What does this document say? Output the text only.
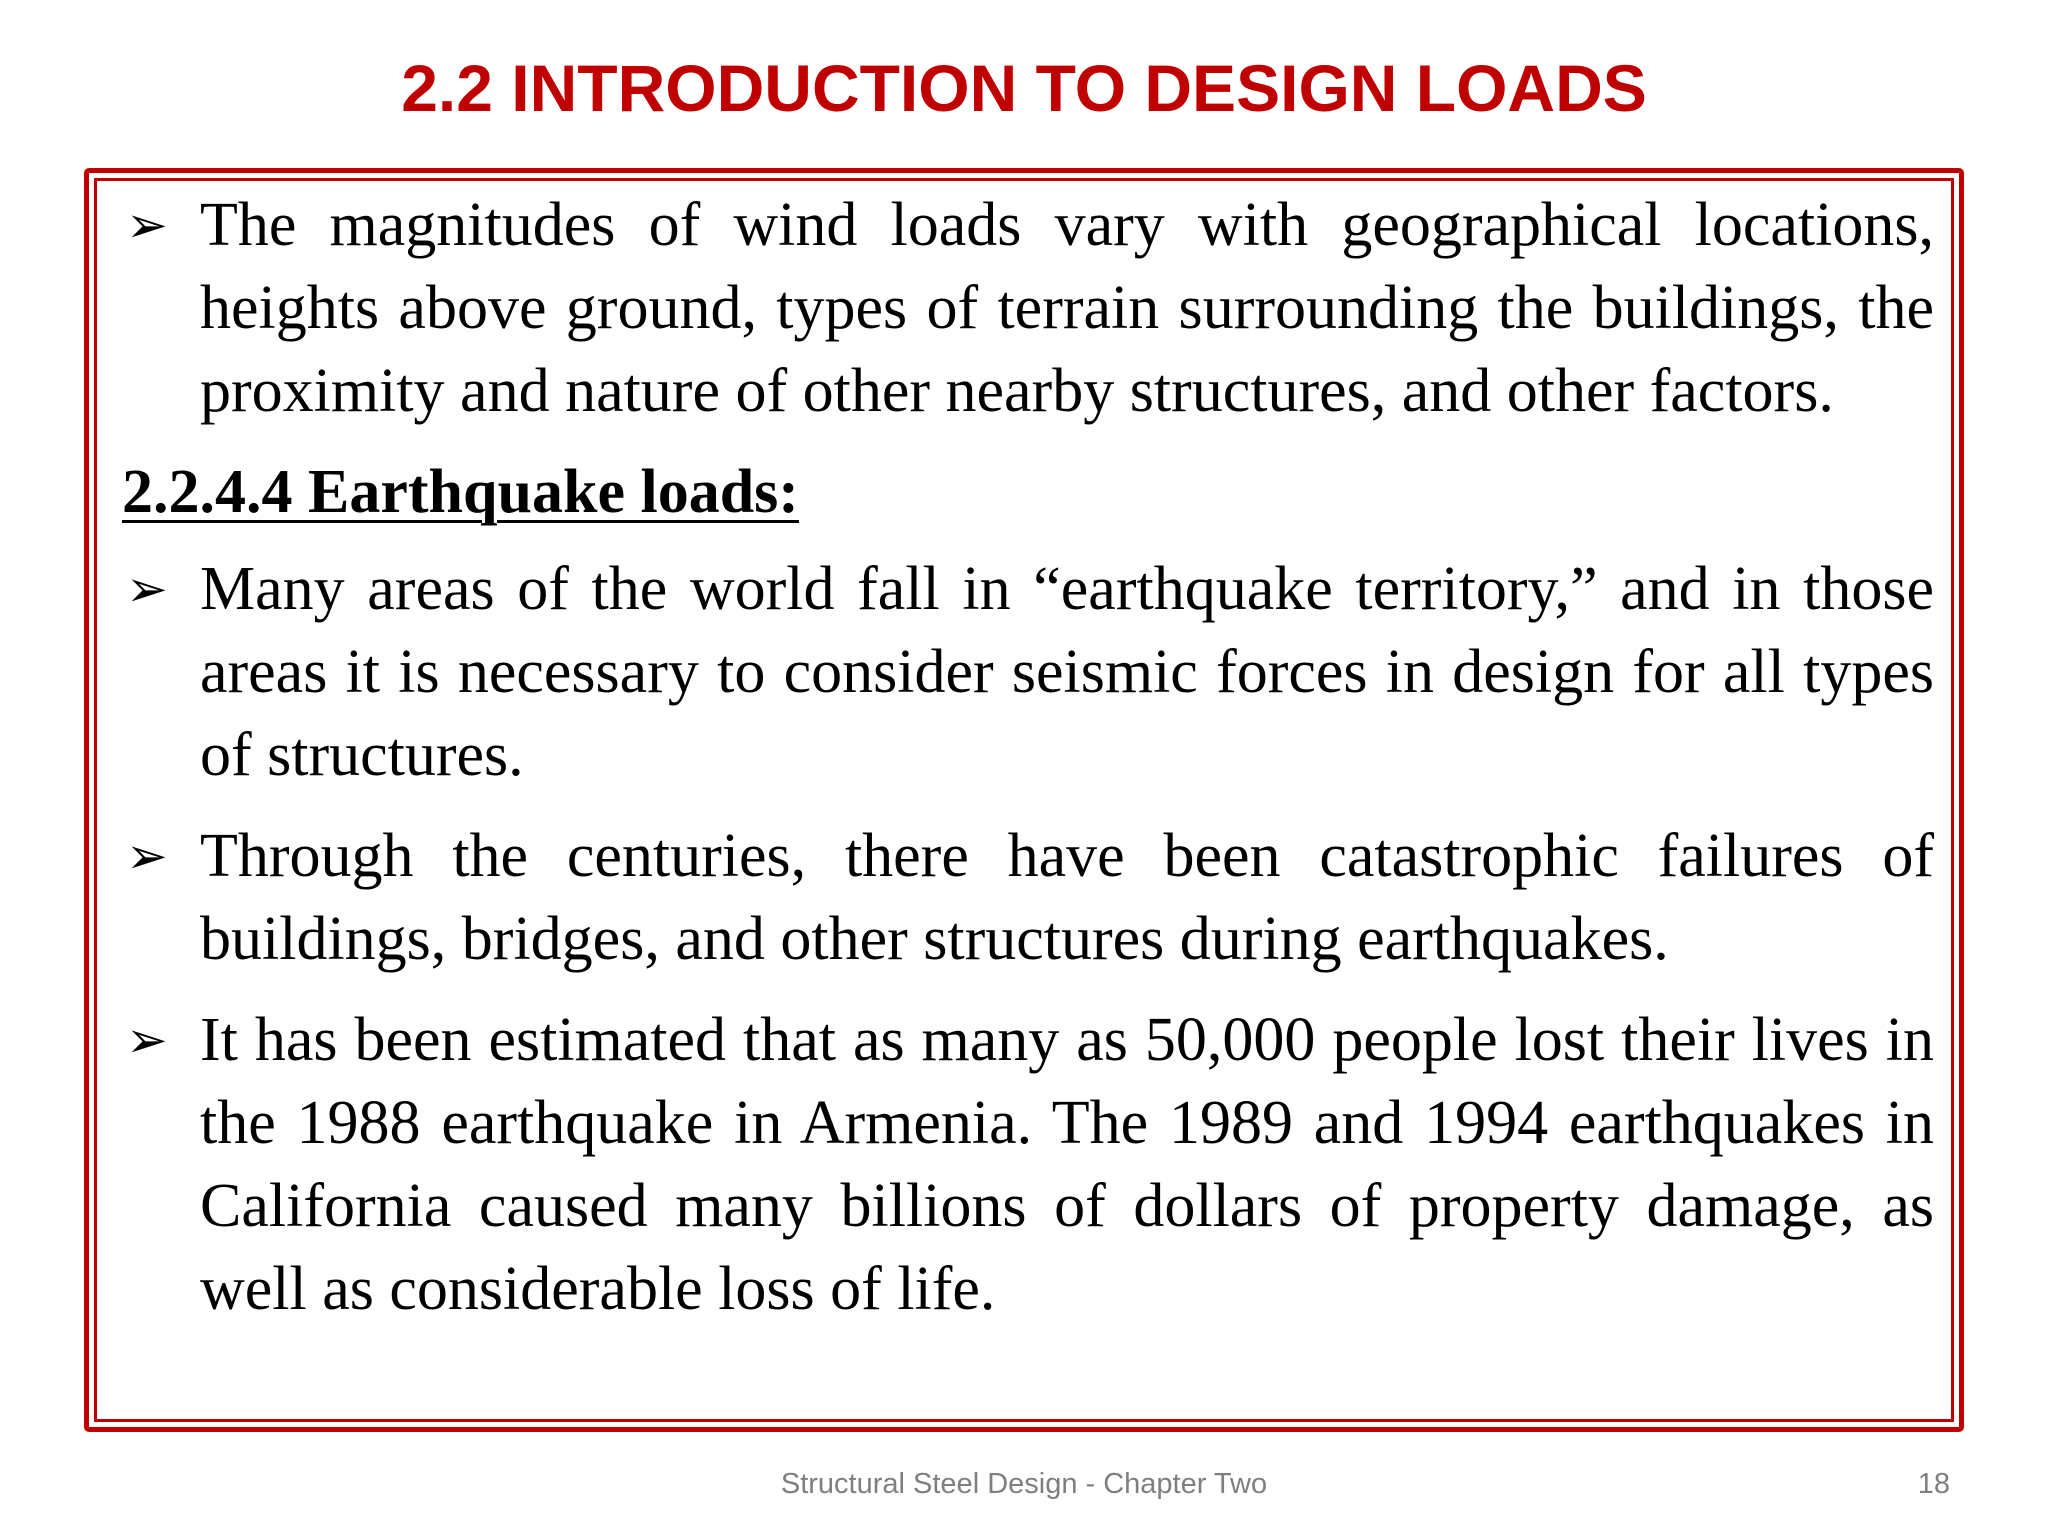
2.2 INTRODUCTION TO DESIGN LOADS

➢ The magnitudes of wind loads vary with geographical locations, heights above ground, types of terrain surrounding the buildings, the proximity and nature of other nearby structures, and other factors.

2.2.4.4 Earthquake loads:

➢ Many areas of the world fall in “earthquake territory,” and in those areas it is necessary to consider seismic forces in design for all types of structures.

➢ Through the centuries, there have been catastrophic failures of buildings, bridges, and other structures during earthquakes.

➢ It has been estimated that as many as 50,000 people lost their lives in the 1988 earthquake in Armenia. The 1989 and 1994 earthquakes in California caused many billions of dollars of property damage, as well as considerable loss of life.

Structural Steel Design - Chapter Two	18
